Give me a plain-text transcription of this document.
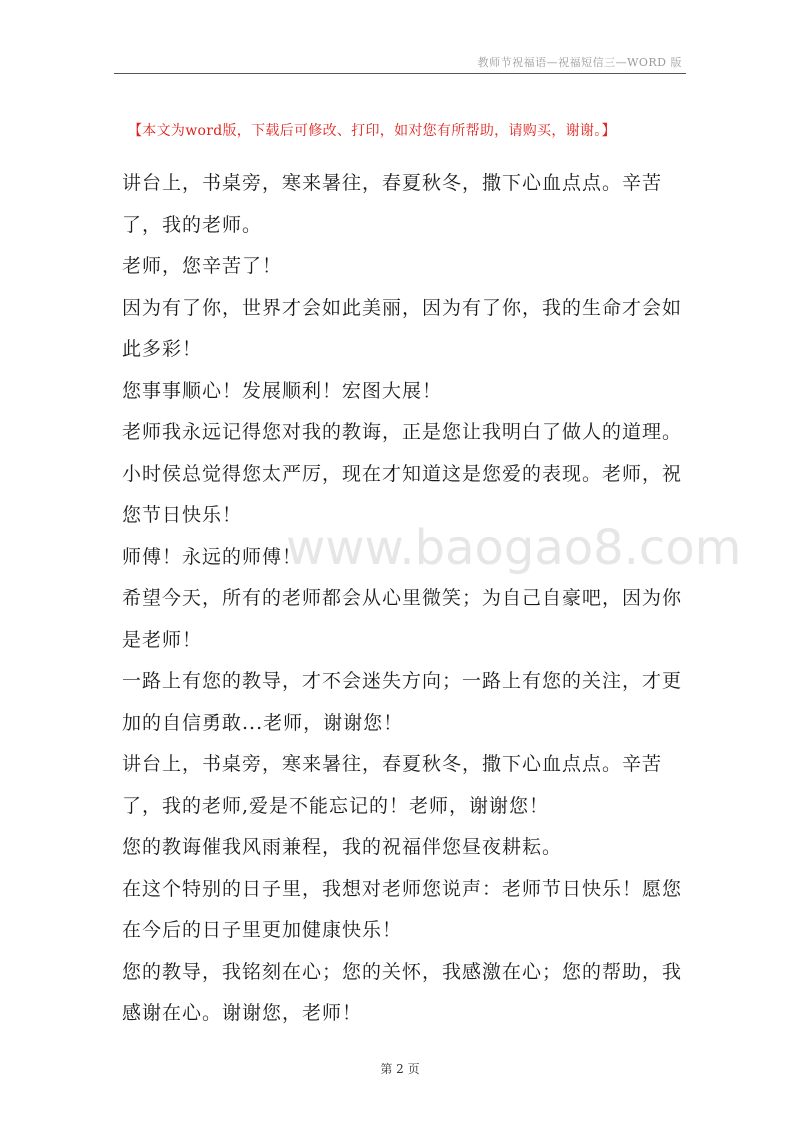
教师节祝福语—祝福短信三—WORD 版
【本文为word版，下载后可修改、打印，如对您有所帮助，请购买，谢谢。】
www.baogao8.com

讲台上，书桌旁，寒来暑往，春夏秋冬，撒下心血点点。辛苦了，我的老师。

老师，您辛苦了！

因为有了你，世界才会如此美丽，因为有了你，我的生命才会如此多彩！

您事事顺心！发展顺利！宏图大展！

老师我永远记得您对我的教诲，正是您让我明白了做人的道理。

小时侯总觉得您太严厉，现在才知道这是您爱的表现。老师，祝您节日快乐！

师傅！永远的师傅！

希望今天，所有的老师都会从心里微笑；为自己自豪吧，因为你是老师！

一路上有您的教导，才不会迷失方向；一路上有您的关注，才更加的自信勇敢...老师，谢谢您！

讲台上，书桌旁，寒来暑往，春夏秋冬，撒下心血点点。辛苦了，我的老师,爱是不能忘记的！老师，谢谢您！

您的教诲催我风雨兼程，我的祝福伴您昼夜耕耘。

在这个特别的日子里，我想对老师您说声：老师节日快乐！愿您在今后的日子里更加健康快乐！

您的教导，我铭刻在心；您的关怀，我感激在心；您的帮助，我感谢在心。谢谢您，老师！

第 2 页
